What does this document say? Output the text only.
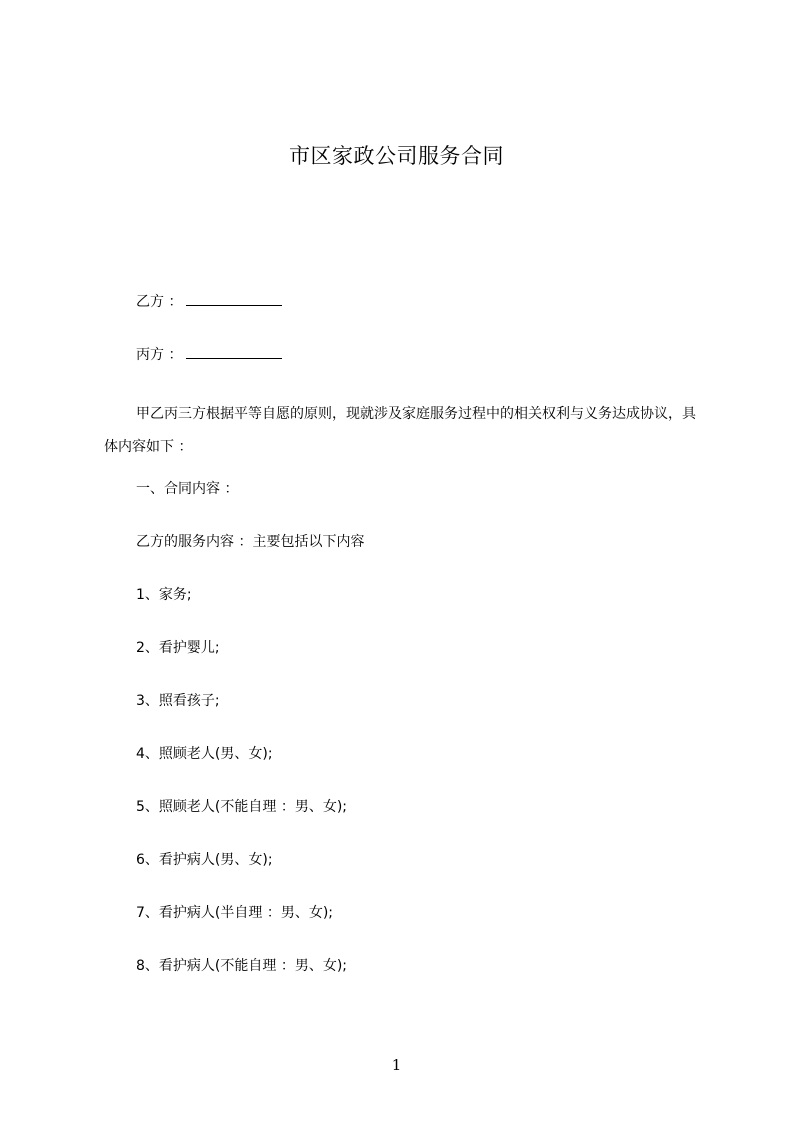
市区家政公司服务合同
乙方 ：
丙方 ：
甲乙丙三方根据平等自愿的原则，现就涉及家庭服务过程中的相关权利与义务达成协议，具体内容如下 ：
一、合同内容 ：
乙方的服务内容 ：主要包括以下内容
1、家务;
2、看护婴儿;
3、照看孩子;
4、照顾老人(男、女);
5、照顾老人(不能自理 ：男、女);
6、看护病人(男、女);
7、看护病人(半自理 ：男、女);
8、看护病人(不能自理 ：男、女);
1
